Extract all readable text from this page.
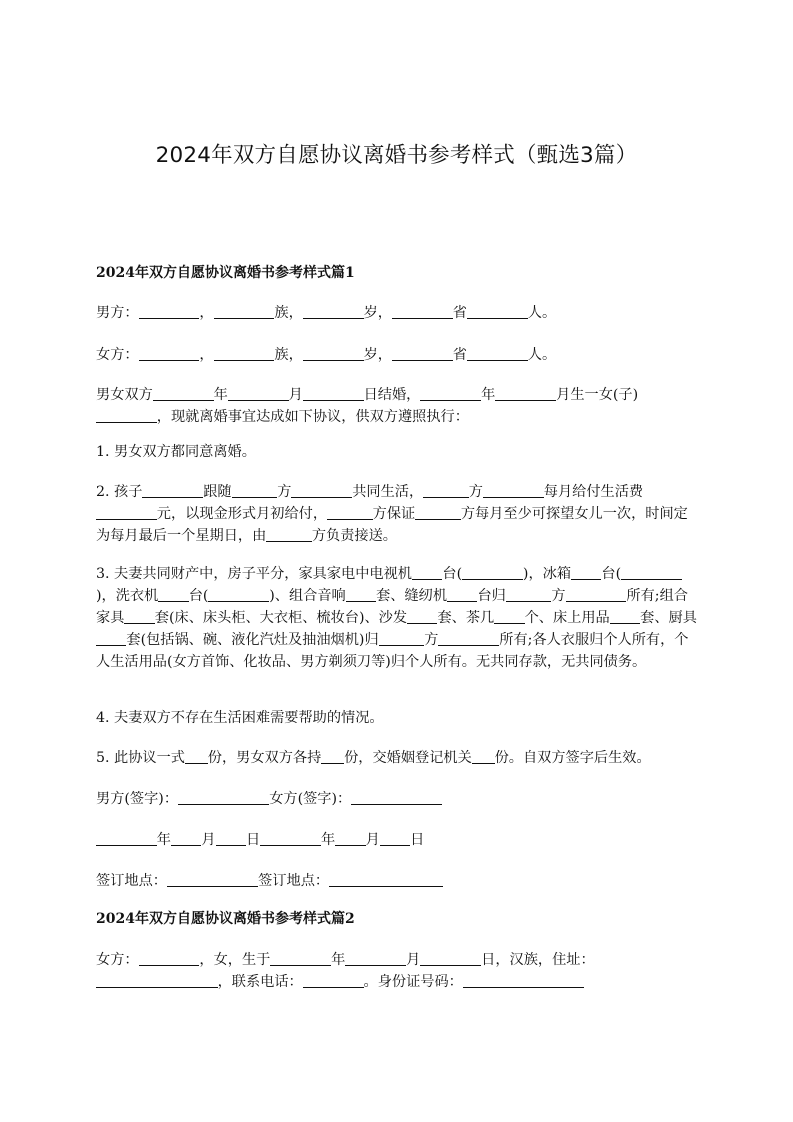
2024年双方自愿协议离婚书参考样式（甄选3篇）
2024年双方自愿协议离婚书参考样式篇1

男方：	，	族，	岁，	省	人。

女方：	，	族，	岁，	省	人。

男女双方	年	月	日结婚，	年	月生一女(子)，现就离婚事宜达成如下协议，供双方遵照执行：

1. 男女双方都同意离婚。

2. 孩子	跟随	方	共同生活，	方	每月给付生活费元，以现金形式月初给付，	方保证	方每月至少可探望女儿一次，时间定为每月最后一个星期日，由	方负责接送。

3. 夫妻共同财产中，房子平分，家具家电中电视机 台(	)，冰箱 台()，洗衣机 台(	)、组合音响 套、缝纫机 台归	方	所有;组合家具 套(床、床头柜、大衣柜、梳妆台)、沙发 套、茶几 个、床上用品 套、厨具套(包括锅、碗、液化汽灶及抽油烟机)归	方	所有;各人衣服归个人所有，个人生活用品(女方首饰、化妆品、男方剃须刀等)归个人所有。无共同存款，无共同债务。

4. 夫妻双方不存在生活困难需要帮助的情况。

5. 此协议一式 份，男女双方各持 份，交婚姻登记机关 份。自双方签字后生效。

男方(签字)：	女方(签字)：

年 月 日	年 月 日

签订地点：	签订地点：

2024年双方自愿协议离婚书参考样式篇2

女方：	，女，生于	年	月	日，汉族，住址：，联系电话：	。身份证号码：
